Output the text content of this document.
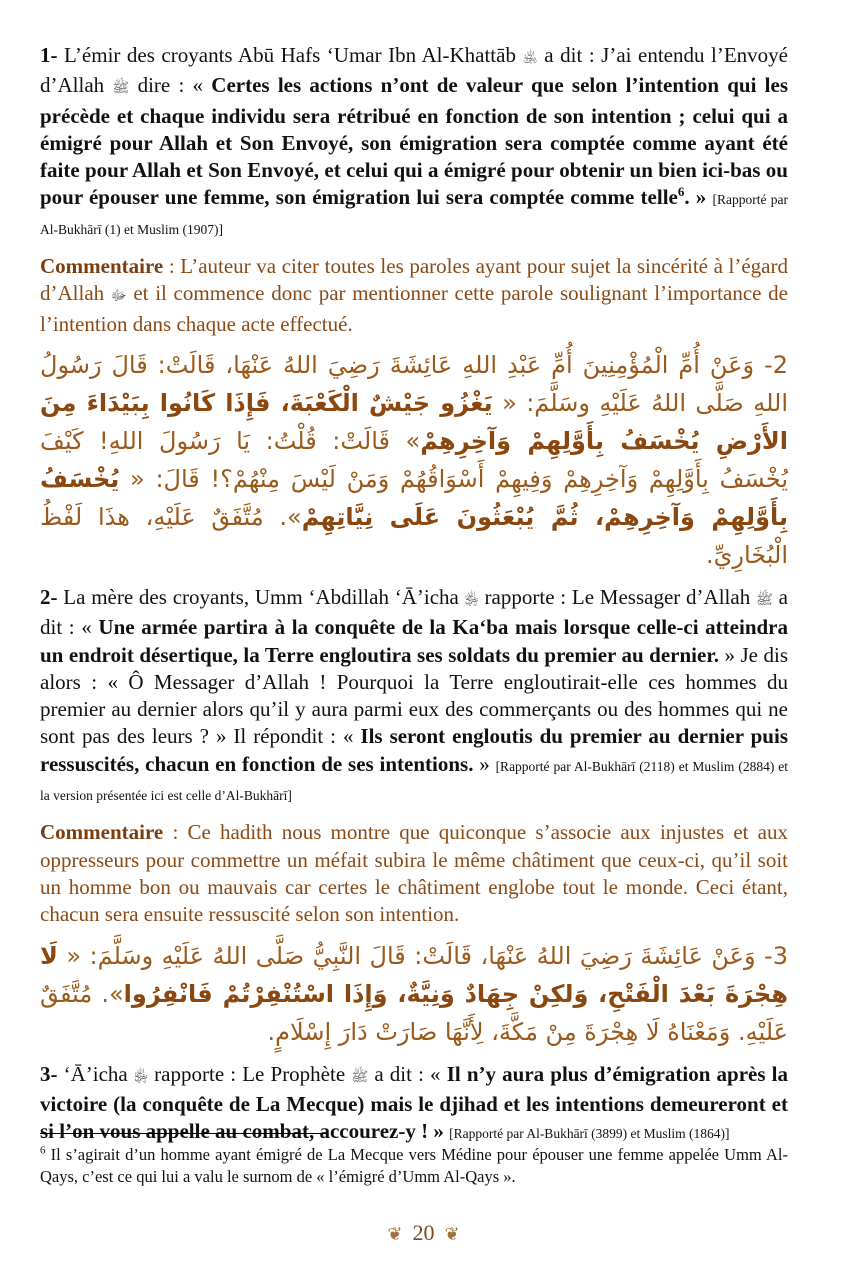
1- L’émir des croyants Abū Hafs ‘Umar Ibn Al-Khattāb ﵁ a dit : J’ai entendu l’Envoyé d’Allah ﷺ dire : « Certes les actions n’ont de valeur que selon l’intention qui les précède et chaque individu sera rétribué en fonction de son intention ; celui qui a émigré pour Allah et Son Envoyé, son émigration sera comptée comme ayant été faite pour Allah et Son Envoyé, et celui qui a émigré pour obtenir un bien ici-bas ou pour épouser une femme, son émigration lui sera comptée comme telle$^6$. » [Rapporté par Al-Bukhārī (1) et Muslim (1907)]

Commentaire : L’auteur va citer toutes les paroles ayant pour sujet la sincérité à l’égard d’Allah ﷻ et il commence donc par mentionner cette parole soulignant l’importance de l’intention dans chaque acte effectué.

2- وَعَنْ أُمِّ الْمُؤْمِنِينَ أُمِّ عَبْدِ اللهِ عَائِشَةَ رَضِيَ اللهُ عَنْهَا، قَالَتْ: قَالَ رَسُولُ اللهِ صَلَّى اللهُ عَلَيْهِ وسَلَّمَ: « يَغْزُو جَيْشٌ الْكَعْبَةَ، فَإِذَا كَانُوا بِبَيْدَاءَ مِنَ الأَرْضِ يُخْسَفُ بِأَوَّلِهِمْ وَآخِرِهِمْ» قَالَتْ: قُلْتُ: يَا رَسُولَ اللهِ! كَيْفَ يُخْسَفُ بِأَوَّلِهِمْ وَآخِرِهِمْ وَفِيهِمْ أَسْوَاقُهُمْ وَمَنْ لَيْسَ مِنْهُمْ؟! قَالَ: « يُخْسَفُ بِأَوَّلِهِمْ وَآخِرِهِمْ، ثُمَّ يُبْعَثُونَ عَلَى نِيَّاتِهِمْ». مُتَّفَقٌ عَلَيْهِ، هذَا لَفْظُ الْبُخَارِيِّ.

2- La mère des croyants, Umm ‘Abdillah ‘Ā’icha ﵂ rapporte : Le Messager d’Allah ﷺ a dit : « Une armée partira à la conquête de la Ka‘ba mais lorsque celle-ci atteindra un endroit désertique, la Terre engloutira ses soldats du premier au dernier. » Je dis alors : « Ô Messager d’Allah ! Pourquoi la Terre engloutirait-elle ces hommes du premier au dernier alors qu’il y aura parmi eux des commerçants ou des hommes qui ne sont pas des leurs ? » Il répondit : « Ils seront engloutis du premier au dernier puis ressuscités, chacun en fonction de ses intentions. » [Rapporté par Al-Bukhārī (2118) et Muslim (2884) et la version présentée ici est celle d’Al-Bukhārī]

Commentaire : Ce hadith nous montre que quiconque s’associe aux injustes et aux oppresseurs pour commettre un méfait subira le même châtiment que ceux-ci, qu’il soit un homme bon ou mauvais car certes le châtiment englobe tout le monde. Ceci étant, chacun sera ensuite ressuscité selon son intention.

3- وَعَنْ عَائِشَةَ رَضِيَ اللهُ عَنْهَا، قَالَتْ: قَالَ النَّبِيُّ صَلَّى اللهُ عَلَيْهِ وسَلَّمَ: « لَا هِجْرَةَ بَعْدَ الْفَتْحِ، وَلكِنْ جِهَادٌ وَنِيَّةٌ، وَإِذَا اسْتُنْفِرْتُمْ فَانْفِرُوا». مُتَّفَقٌ عَلَيْهِ. وَمَعْنَاهُ لَا هِجْرَةَ مِنْ مَكَّةَ، لِأَنَّهَا صَارَتْ دَارَ إِسْلَامٍ.

3- ‘Ā’icha ﵂ rapporte : Le Prophète ﷺ a dit : « Il n’y aura plus d’émigration après la victoire (la conquête de La Mecque) mais le djihad et les intentions demeureront et si l’on vous appelle au combat, accourez-y ! » [Rapporté par Al-Bukhārī (3899) et Muslim (1864)]

$^6$ Il s’agirait d’un homme ayant émigré de La Mecque vers Médine pour épouser une femme appelée Umm Al-Qays, c’est ce qui lui a valu le surnom de « l’émigré d’Umm Al-Qays ».
❦ 20 ❦
